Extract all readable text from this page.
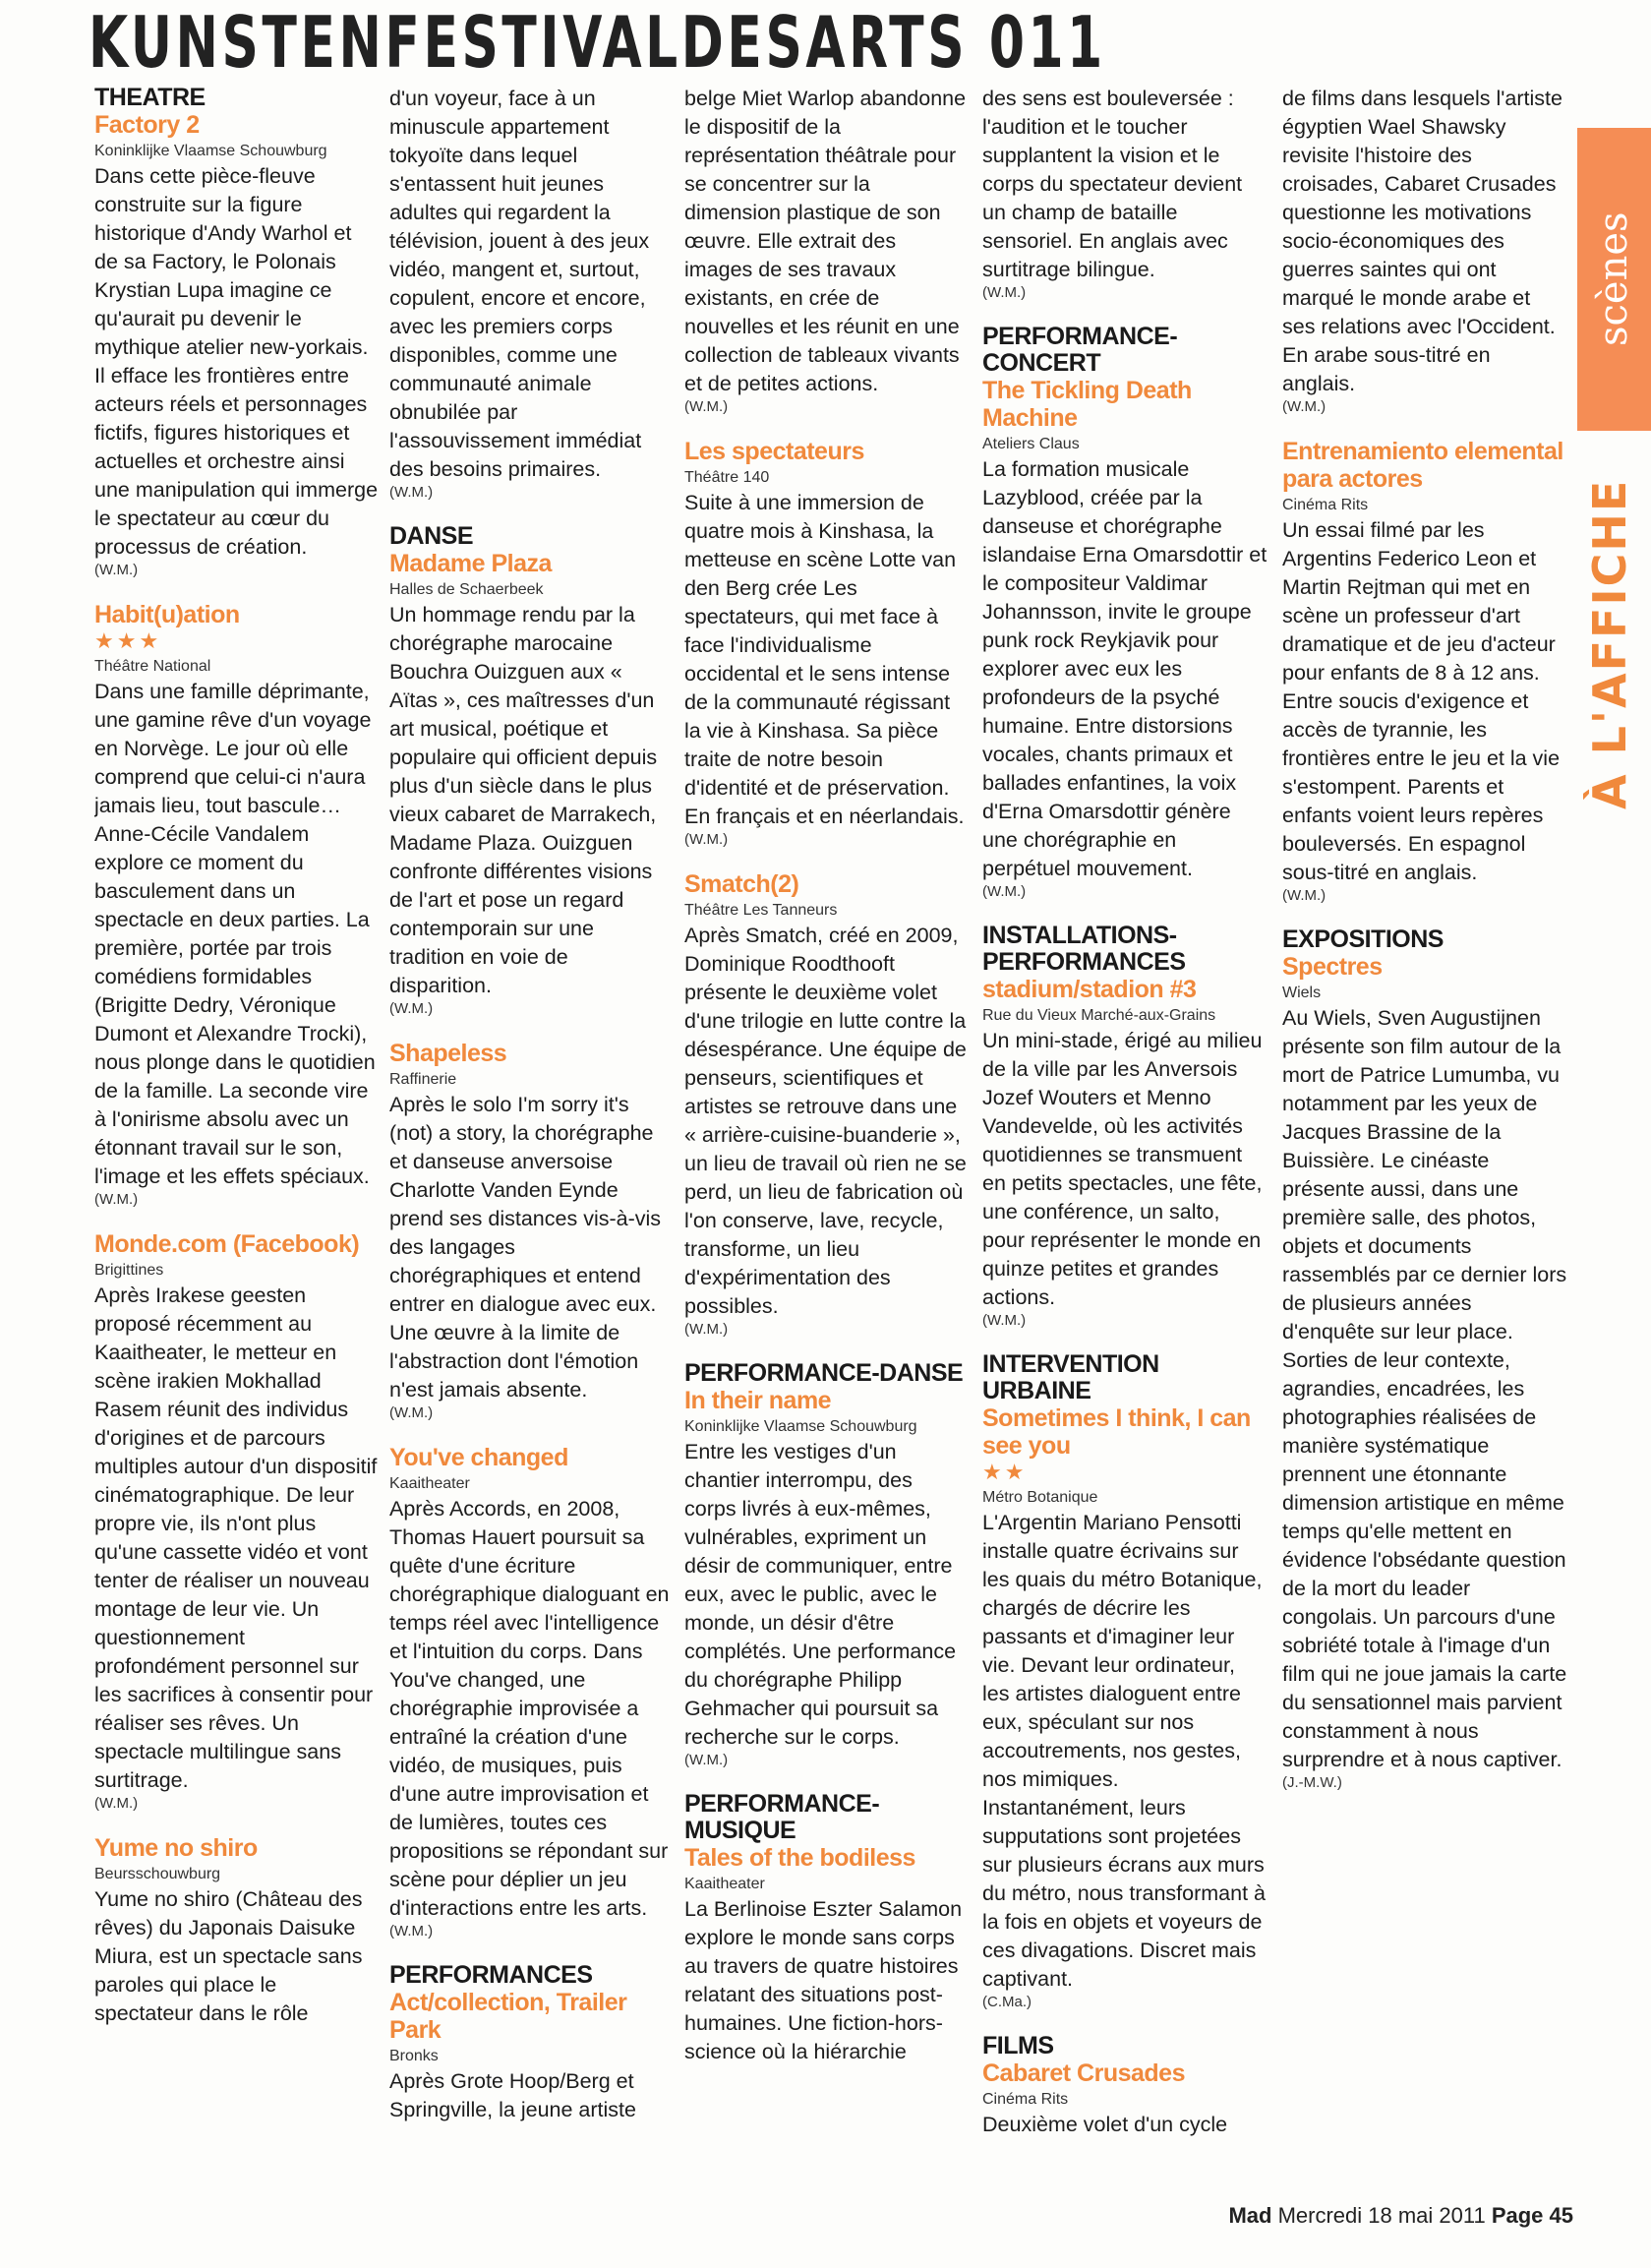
KUNSTENFESTIVALDESARTS 011
scènes
À L'AFFICHE
THEATRE
Factory 2
Koninklijke Vlaamse Schouwburg
Dans cette pièce-fleuve construite sur la figure historique d'Andy Warhol et de sa Factory, le Polonais Krystian Lupa imagine ce qu'aurait pu devenir le mythique atelier new-yorkais. Il efface les frontières entre acteurs réels et personnages fictifs, figures historiques et actuelles et orchestre ainsi une manipulation qui immerge le spectateur au cœur du processus de création.
(W.M.)
Habit(u)ation
★★★
Théâtre National
Dans une famille déprimante, une gamine rêve d'un voyage en Norvège. Le jour où elle comprend que celui-ci n'aura jamais lieu, tout bascule… Anne-Cécile Vandalem explore ce moment du basculement dans un spectacle en deux parties. La première, portée par trois comédiens formidables (Brigitte Dedry, Véronique Dumont et Alexandre Trocki), nous plonge dans le quotidien de la famille. La seconde vire à l'onirisme absolu avec un étonnant travail sur le son, l'image et les effets spéciaux.
(W.M.)
Monde.com (Facebook)
Brigittines
Après Irakese geesten proposé récemment au Kaaitheater, le metteur en scène irakien Mokhallad Rasem réunit des individus d'origines et de parcours multiples autour d'un dispositif cinématographique. De leur propre vie, ils n'ont plus qu'une cassette vidéo et vont tenter de réaliser un nouveau montage de leur vie. Un questionnement profondément personnel sur les sacrifices à consentir pour réaliser ses rêves. Un spectacle multilingue sans surtitrage.
(W.M.)
Yume no shiro
Beursschouwburg
Yume no shiro (Château des rêves) du Japonais Daisuke Miura, est un spectacle sans paroles qui place le spectateur dans le rôle
d'un voyeur, face à un minuscule appartement tokyoïte dans lequel s'entassent huit jeunes adultes qui regardent la télévision, jouent à des jeux vidéo, mangent et, surtout, copulent, encore et encore, avec les premiers corps disponibles, comme une communauté animale obnubilée par l'assouvissement immédiat des besoins primaires.
(W.M.)
DANSE
Madame Plaza
Halles de Schaerbeek
Un hommage rendu par la chorégraphe marocaine Bouchra Ouizguen aux « Aïtas », ces maîtresses d'un art musical, poétique et populaire qui officient depuis plus d'un siècle dans le plus vieux cabaret de Marrakech, Madame Plaza. Ouizguen confronte différentes visions de l'art et pose un regard contemporain sur une tradition en voie de disparition.
(W.M.)
Shapeless
Raffinerie
Après le solo I'm sorry it's (not) a story, la chorégraphe et danseuse anversoise Charlotte Vanden Eynde prend ses distances vis-à-vis des langages chorégraphiques et entend entrer en dialogue avec eux. Une œuvre à la limite de l'abstraction dont l'émotion n'est jamais absente.
(W.M.)
You've changed
Kaaitheater
Après Accords, en 2008, Thomas Hauert poursuit sa quête d'une écriture chorégraphique dialoguant en temps réel avec l'intelligence et l'intuition du corps. Dans You've changed, une chorégraphie improvisée a entraîné la création d'une vidéo, de musiques, puis d'une autre improvisation et de lumières, toutes ces propositions se répondant sur scène pour déplier un jeu d'interactions entre les arts.
(W.M.)
PERFORMANCES
Act/collection, Trailer Park
Bronks
Après Grote Hoop/Berg et Springville, la jeune artiste
belge Miet Warlop abandonne le dispositif de la représentation théâtrale pour se concentrer sur la dimension plastique de son œuvre. Elle extrait des images de ses travaux existants, en crée de nouvelles et les réunit en une collection de tableaux vivants et de petites actions.
(W.M.)
Les spectateurs
Théâtre 140
Suite à une immersion de quatre mois à Kinshasa, la metteuse en scène Lotte van den Berg crée Les spectateurs, qui met face à face l'individualisme occidental et le sens intense de la communauté régissant la vie à Kinshasa. Sa pièce traite de notre besoin d'identité et de préservation. En français et en néerlandais.
(W.M.)
Smatch(2)
Théâtre Les Tanneurs
Après Smatch, créé en 2009, Dominique Roodthooft présente le deuxième volet d'une trilogie en lutte contre la désespérance. Une équipe de penseurs, scientifiques et artistes se retrouve dans une « arrière-cuisine-buanderie », un lieu de travail où rien ne se perd, un lieu de fabrication où l'on conserve, lave, recycle, transforme, un lieu d'expérimentation des possibles.
(W.M.)
PERFORMANCE-DANSE
In their name
Koninklijke Vlaamse Schouwburg
Entre les vestiges d'un chantier interrompu, des corps livrés à eux-mêmes, vulnérables, expriment un désir de communiquer, entre eux, avec le public, avec le monde, un désir d'être complétés. Une performance du chorégraphe Philipp Gehmacher qui poursuit sa recherche sur le corps.
(W.M.)
PERFORMANCE-MUSIQUE
Tales of the bodiless
Kaaitheater
La Berlinoise Eszter Salamon explore le monde sans corps au travers de quatre histoires relatant des situations post-humaines. Une fiction-hors-science où la hiérarchie
des sens est bouleversée : l'audition et le toucher supplantent la vision et le corps du spectateur devient un champ de bataille sensoriel. En anglais avec surtitrage bilingue.
(W.M.)
PERFORMANCE-CONCERT
The Tickling Death Machine
Ateliers Claus
La formation musicale Lazyblood, créée par la danseuse et chorégraphe islandaise Erna Omarsdottir et le compositeur Valdimar Johannsson, invite le groupe punk rock Reykjavik pour explorer avec eux les profondeurs de la psyché humaine. Entre distorsions vocales, chants primaux et ballades enfantines, la voix d'Erna Omarsdottir génère une chorégraphie en perpétuel mouvement.
(W.M.)
INSTALLATIONS-PERFORMANCES
stadium/stadion #3
Rue du Vieux Marché-aux-Grains
Un mini-stade, érigé au milieu de la ville par les Anversois Jozef Wouters et Menno Vandevelde, où les activités quotidiennes se transmuent en petits spectacles, une fête, une conférence, un salto, pour représenter le monde en quinze petites et grandes actions.
(W.M.)
INTERVENTION URBAINE
Sometimes I think, I can see you
★★
Métro Botanique
L'Argentin Mariano Pensotti installe quatre écrivains sur les quais du métro Botanique, chargés de décrire les passants et d'imaginer leur vie. Devant leur ordinateur, les artistes dialoguent entre eux, spéculant sur nos accoutrements, nos gestes, nos mimiques. Instantanément, leurs supputations sont projetées sur plusieurs écrans aux murs du métro, nous transformant à la fois en objets et voyeurs de ces divagations. Discret mais captivant.
(C.Ma.)
FILMS
Cabaret Crusades
Cinéma Rits
Deuxième volet d'un cycle
de films dans lesquels l'artiste égyptien Wael Shawsky revisite l'histoire des croisades, Cabaret Crusades questionne les motivations socio-économiques des guerres saintes qui ont marqué le monde arabe et ses relations avec l'Occident. En arabe sous-titré en anglais.
(W.M.)
Entrenamiento elemental para actores
Cinéma Rits
Un essai filmé par les Argentins Federico Leon et Martin Rejtman qui met en scène un professeur d'art dramatique et de jeu d'acteur pour enfants de 8 à 12 ans. Entre soucis d'exigence et accès de tyrannie, les frontières entre le jeu et la vie s'estompent. Parents et enfants voient leurs repères bouleversés. En espagnol sous-titré en anglais.
(W.M.)
EXPOSITIONS
Spectres
Wiels
Au Wiels, Sven Augustijnen présente son film autour de la mort de Patrice Lumumba, vu notamment par les yeux de Jacques Brassine de la Buissière. Le cinéaste présente aussi, dans une première salle, des photos, objets et documents rassemblés par ce dernier lors de plusieurs années d'enquête sur leur place. Sorties de leur contexte, agrandies, encadrées, les photographies réalisées de manière systématique prennent une étonnante dimension artistique en même temps qu'elle mettent en évidence l'obsédante question de la mort du leader congolais. Un parcours d'une sobriété totale à l'image d'un film qui ne joue jamais la carte du sensationnel mais parvient constamment à nous surprendre et à nous captiver.
(J.-M.W.)
Mad Mercredi 18 mai 2011 Page 45
